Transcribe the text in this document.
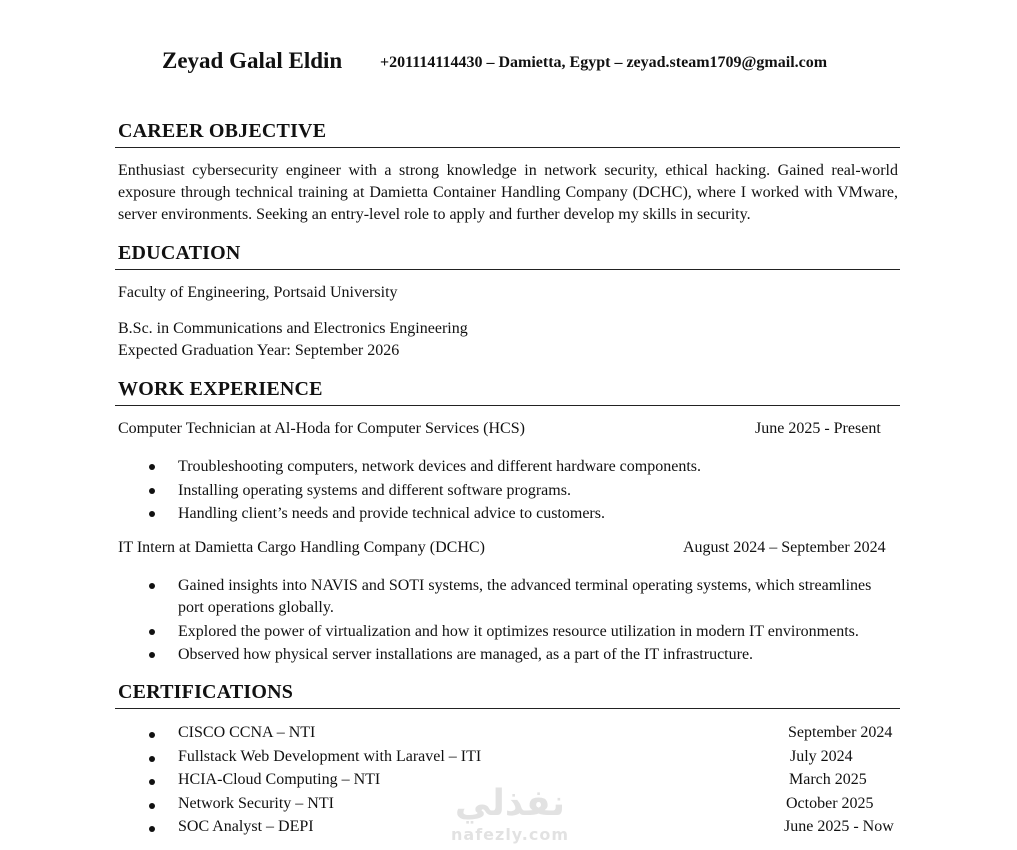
Zeyad Galal Eldin +201114114430 – Damietta, Egypt – zeyad.steam1709@gmail.com
CAREER OBJECTIVE
Enthusiast cybersecurity engineer with a strong knowledge in network security, ethical hacking. Gained real-world exposure through technical training at Damietta Container Handling Company (DCHC), where I worked with VMware, server environments. Seeking an entry-level role to apply and further develop my skills in security.
EDUCATION
Faculty of Engineering, Portsaid University
B.Sc. in Communications and Electronics Engineering
Expected Graduation Year: September 2026
WORK EXPERIENCE
Computer Technician at Al-Hoda for Computer Services (HCS)	June 2025 - Present
Troubleshooting computers, network devices and different hardware components.
Installing operating systems and different software programs.
Handling client’s needs and provide technical advice to customers.
IT Intern at Damietta Cargo Handling Company (DCHC)	August 2024 – September 2024
Gained insights into NAVIS and SOTI systems, the advanced terminal operating systems, which streamlines port operations globally.
Explored the power of virtualization and how it optimizes resource utilization in modern IT environments.
Observed how physical server installations are managed, as a part of the IT infrastructure.
CERTIFICATIONS
CISCO CCNA – NTI	September 2024
Fullstack Web Development with Laravel – ITI	July 2024
HCIA-Cloud Computing – NTI	March 2025
Network Security – NTI	October 2025
SOC Analyst – DEPI	June 2025 - Now
نفذلي
nafezly.com
